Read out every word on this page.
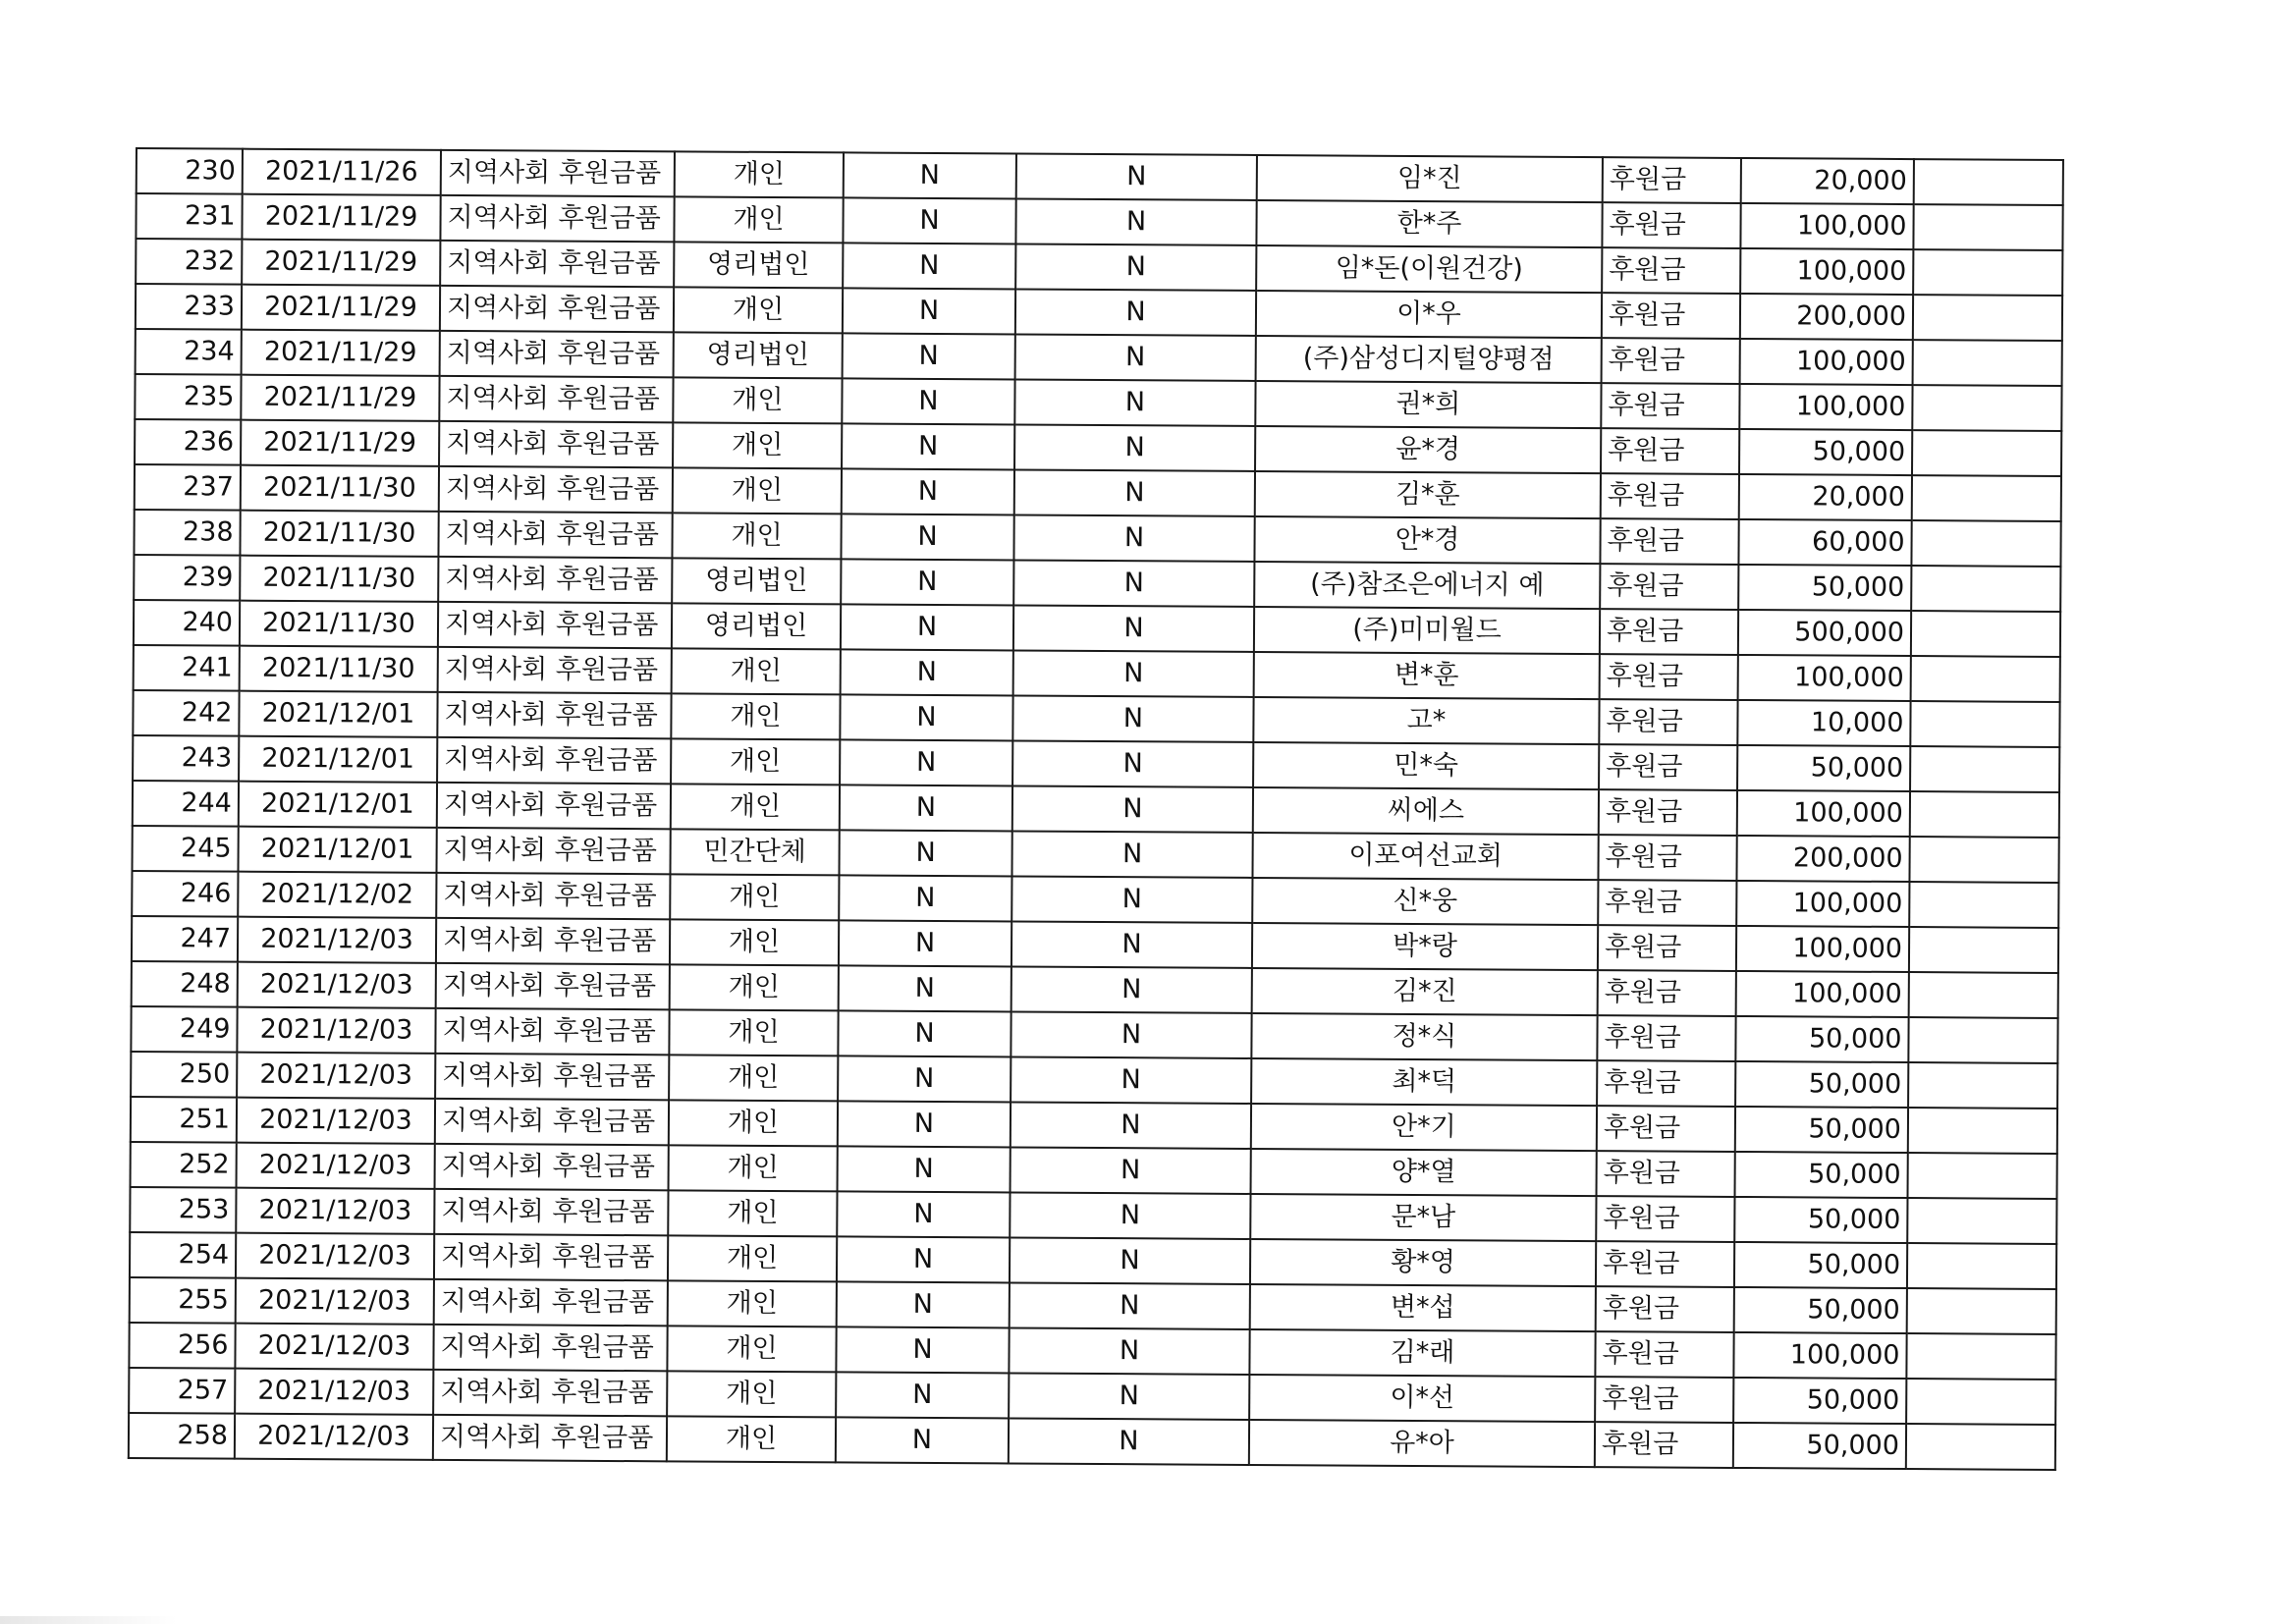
230	2021/11/26	지역사회 후원금품	개인	N	N	임*진	후원금	20,000	
231	2021/11/29	지역사회 후원금품	개인	N	N	한*주	후원금	100,000	
232	2021/11/29	지역사회 후원금품	영리법인	N	N	임*돈(이원건강)	후원금	100,000	
233	2021/11/29	지역사회 후원금품	개인	N	N	이*우	후원금	200,000	
234	2021/11/29	지역사회 후원금품	영리법인	N	N	(주)삼성디지털양평점	후원금	100,000	
235	2021/11/29	지역사회 후원금품	개인	N	N	권*희	후원금	100,000	
236	2021/11/29	지역사회 후원금품	개인	N	N	윤*경	후원금	50,000	
237	2021/11/30	지역사회 후원금품	개인	N	N	김*훈	후원금	20,000	
238	2021/11/30	지역사회 후원금품	개인	N	N	안*경	후원금	60,000	
239	2021/11/30	지역사회 후원금품	영리법인	N	N	(주)참조은에너지 예	후원금	50,000	
240	2021/11/30	지역사회 후원금품	영리법인	N	N	(주)미미월드	후원금	500,000	
241	2021/11/30	지역사회 후원금품	개인	N	N	변*훈	후원금	100,000	
242	2021/12/01	지역사회 후원금품	개인	N	N	고*	후원금	10,000	
243	2021/12/01	지역사회 후원금품	개인	N	N	민*숙	후원금	50,000	
244	2021/12/01	지역사회 후원금품	개인	N	N	씨에스	후원금	100,000	
245	2021/12/01	지역사회 후원금품	민간단체	N	N	이포여선교회	후원금	200,000	
246	2021/12/02	지역사회 후원금품	개인	N	N	신*웅	후원금	100,000	
247	2021/12/03	지역사회 후원금품	개인	N	N	박*랑	후원금	100,000	
248	2021/12/03	지역사회 후원금품	개인	N	N	김*진	후원금	100,000	
249	2021/12/03	지역사회 후원금품	개인	N	N	정*식	후원금	50,000	
250	2021/12/03	지역사회 후원금품	개인	N	N	최*덕	후원금	50,000	
251	2021/12/03	지역사회 후원금품	개인	N	N	안*기	후원금	50,000	
252	2021/12/03	지역사회 후원금품	개인	N	N	양*열	후원금	50,000	
253	2021/12/03	지역사회 후원금품	개인	N	N	문*남	후원금	50,000	
254	2021/12/03	지역사회 후원금품	개인	N	N	황*영	후원금	50,000	
255	2021/12/03	지역사회 후원금품	개인	N	N	변*섭	후원금	50,000	
256	2021/12/03	지역사회 후원금품	개인	N	N	김*래	후원금	100,000	
257	2021/12/03	지역사회 후원금품	개인	N	N	이*선	후원금	50,000	
258	2021/12/03	지역사회 후원금품	개인	N	N	유*아	후원금	50,000	
